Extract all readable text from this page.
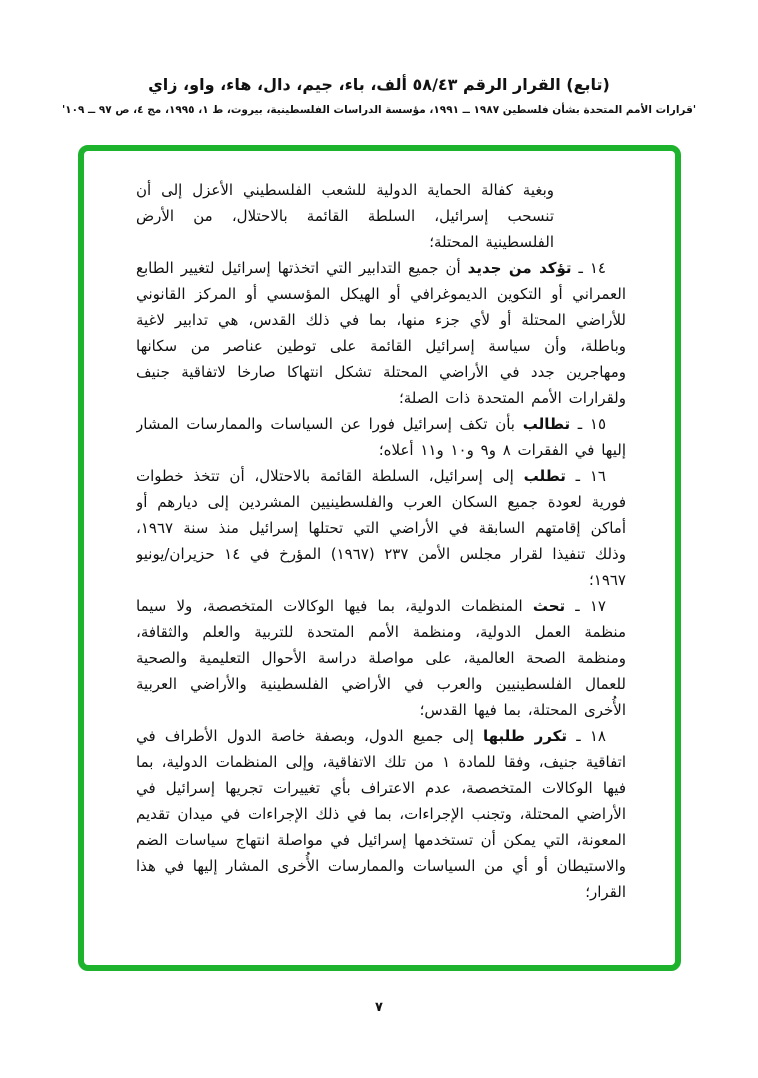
(تابع) القرار الرقم ٥٨/٤٣ ألف، باء، جيم، دال، هاء، واو، زاي
'قرارات الأمم المتحدة بشأن فلسطين ١٩٨٧ ــ ١٩٩١، مؤسسة الدراسات الفلسطينية، بيروت، ط ١، ١٩٩٥، مج ٤، ص ٩٧ ــ ١٠٩'

وبغية كفالة الحماية الدولية للشعب الفلسطيني الأعزل إلى أن تنسحب إسرائيل، السلطة القائمة بالاحتلال، من الأرض الفلسطينية المحتلة؛

١٤ ـ تؤكد من جديد أن جميع التدابير التي اتخذتها إسرائيل لتغيير الطابع العمراني أو التكوين الديموغرافي أو الهيكل المؤسسي أو المركز القانوني للأراضي المحتلة أو لأي جزء منها، بما في ذلك القدس، هي تدابير لاغية وباطلة، وأن سياسة إسرائيل القائمة على توطين عناصر من سكانها ومهاجرين جدد في الأراضي المحتلة تشكل انتهاكا صارخا لاتفاقية جنيف ولقرارات الأمم المتحدة ذات الصلة؛

١٥ ـ تطالب بأن تكف إسرائيل فورا عن السياسات والممارسات المشار إليها في الفقرات ٨ و٩ و١٠ و١١ أعلاه؛

١٦ ـ تطلب إلى إسرائيل، السلطة القائمة بالاحتلال، أن تتخذ خطوات فورية لعودة جميع السكان العرب والفلسطينيين المشردين إلى ديارهم أو أماكن إقامتهم السابقة في الأراضي التي تحتلها إسرائيل منذ سنة ١٩٦٧، وذلك تنفيذا لقرار مجلس الأمن ٢٣٧ (١٩٦٧) المؤرخ في ١٤ حزيران/يونيو ١٩٦٧؛

١٧ ـ تحث المنظمات الدولية، بما فيها الوكالات المتخصصة، ولا سيما منظمة العمل الدولية، ومنظمة الأمم المتحدة للتربية والعلم والثقافة، ومنظمة الصحة العالمية، على مواصلة دراسة الأحوال التعليمية والصحية للعمال الفلسطينيين والعرب في الأراضي الفلسطينية والأراضي العربية الأُخرى المحتلة، بما فيها القدس؛

١٨ ـ تكرر طلبها إلى جميع الدول، وبصفة خاصة الدول الأطراف في اتفاقية جنيف، وفقا للمادة ١ من تلك الاتفاقية، وإلى المنظمات الدولية، بما فيها الوكالات المتخصصة، عدم الاعتراف بأي تغييرات تجريها إسرائيل في الأراضي المحتلة، وتجنب الإجراءات، بما في ذلك الإجراءات في ميدان تقديم المعونة، التي يمكن أن تستخدمها إسرائيل في مواصلة انتهاج سياسات الضم والاستيطان أو أي من السياسات والممارسات الأُخرى المشار إليها في هذا القرار؛

٧
